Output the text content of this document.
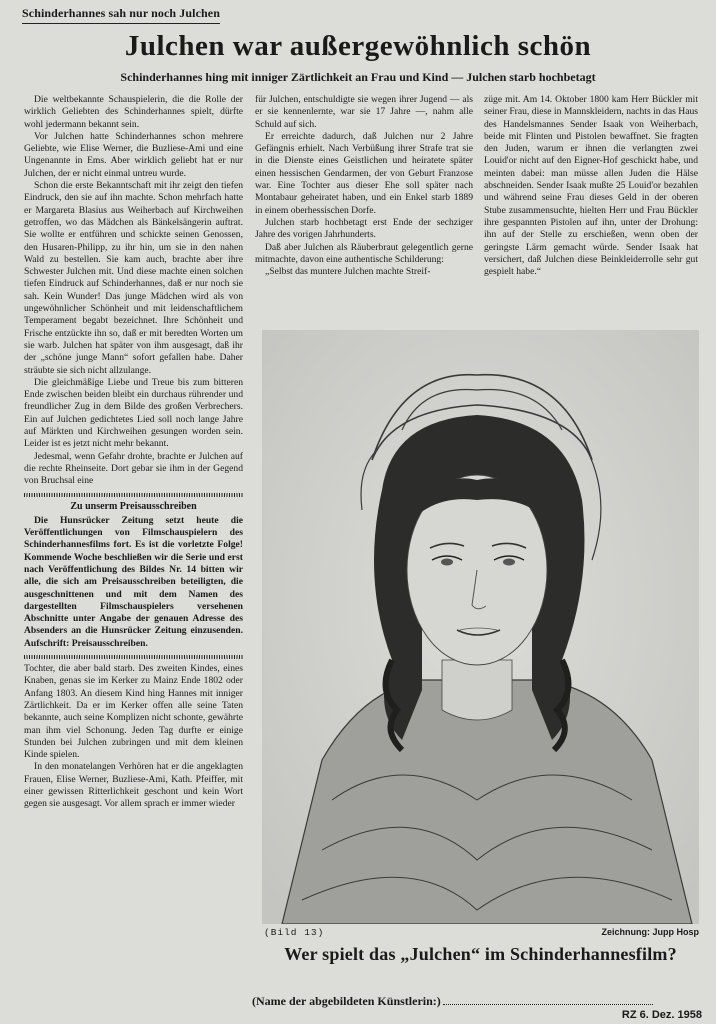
Schinderhannes sah nur noch Julchen
Julchen war außergewöhnlich schön
Schinderhannes hing mit inniger Zärtlichkeit an Frau und Kind — Julchen starb hochbetagt

Die weltbekannte Schauspielerin, die die Rolle der wirklich Geliebten des Schinderhannes spielt, dürfte wohl jedermann bekannt sein.

Vor Julchen hatte Schinderhannes schon mehrere Geliebte, wie Elise Werner, die Buzliese-Ami und eine Ungenannte in Ems. Aber wirklich geliebt hat er nur Julchen, der er nicht einmal untreu wurde.

Schon die erste Bekanntschaft mit ihr zeigt den tiefen Eindruck, den sie auf ihn machte. Schon mehrfach hatte er Margareta Blasius aus Weiherbach auf Kirchweihen getroffen, wo das Mädchen als Bänkelsängerin auftrat. Sie wollte er entführen und schickte seinen Genossen, den Husaren-Philipp, zu ihr hin, um sie in den nahen Wald zu bestellen. Sie kam auch, brachte aber ihre Schwester Julchen mit. Und diese machte einen solchen tiefen Eindruck auf Schinderhannes, daß er nur noch sie sah. Kein Wunder! Das junge Mädchen wird als von ungewöhnlicher Schönheit und mit leidenschaftlichem Temperament begabt bezeichnet. Ihre Schönheit und Frische entzückte ihn so, daß er mit beredten Worten um sie warb. Julchen hat später von ihm ausgesagt, daß ihr der „schöne junge Mann“ sofort gefallen habe. Daher sträubte sie sich nicht allzulange.

Die gleichmäßige Liebe und Treue bis zum bitteren Ende zwischen beiden bleibt ein durchaus rührender und freundlicher Zug in dem Bilde des großen Verbrechers. Ein auf Julchen gedichtetes Lied soll noch lange Jahre auf Märkten und Kirchweihen gesungen worden sein. Leider ist es jetzt nicht mehr bekannt.

Jedesmal, wenn Gefahr drohte, brachte er Julchen auf die rechte Rheinseite. Dort gebar sie ihm in der Gegend von Bruchsal eine

Zu unserm Preisausschreiben
Die Hunsrücker Zeitung setzt heute die Veröffentlichungen von Filmschauspielern des Schinderhannesfilms fort. Es ist die vorletzte Folge! Kommende Woche beschließen wir die Serie und erst nach Veröffentlichung des Bildes Nr. 14 bitten wir alle, die sich am Preisausschreiben beteiligten, die ausgeschnittenen und mit dem Namen des dargestellten Filmschauspielers versehenen Abschnitte unter Angabe der genauen Adresse des Absenders an die Hunsrücker Zeitung einzusenden. Aufschrift: Preisausschreiben.

Tochter, die aber bald starb. Des zweiten Kindes, eines Knaben, genas sie im Kerker zu Mainz Ende 1802 oder Anfang 1803. An diesem Kind hing Hannes mit inniger Zärtlichkeit. Da er im Kerker offen alle seine Taten bekannte, auch seine Komplizen nicht schonte, gewährte man ihm viel Schonung. Jeden Tag durfte er einige Stunden bei Julchen zubringen und mit dem kleinen Kinde spielen.

In den monatelangen Verhören hat er die angeklagten Frauen, Elise Werner, Buzliese-Ami, Kath. Pfeiffer, mit einer gewissen Ritterlichkeit geschont und kein Wort gegen sie ausgesagt. Vor allem sprach er immer wieder

für Julchen, entschuldigte sie wegen ihrer Jugend — als er sie kennenlernte, war sie 17 Jahre —, nahm alle Schuld auf sich.

Er erreichte dadurch, daß Julchen nur 2 Jahre Gefängnis erhielt. Nach Verbüßung ihrer Strafe trat sie in die Dienste eines Geistlichen und heiratete später einen hessischen Gendarmen, der von Geburt Franzose war. Eine Tochter aus dieser Ehe soll später nach Montabaur geheiratet haben, und ein Enkel starb 1889 in einem oberhessischen Dorfe.

Julchen starb hochbetagt erst Ende der sechziger Jahre des vorigen Jahrhunderts.

Daß aber Julchen als Räuberbraut gelegentlich gerne mitmachte, davon eine authentische Schilderung:

„Selbst das muntere Julchen machte Streif-

züge mit. Am 14. Oktober 1800 kam Herr Bückler mit seiner Frau, diese in Mannskleidern, nachts in das Haus des Handelsmannes Sender Isaak von Weiherbach, beide mit Flinten und Pistolen bewaffnet. Sie fragten den Juden, warum er ihnen die verlangten zwei Louid'or nicht auf den Eigner-Hof geschickt habe, und meinten dabei: man müsse allen Juden die Hälse abschneiden. Sender Isaak mußte 25 Louid'or bezahlen und während seine Frau dieses Geld in der oberen Stube zusammensuchte, hielten Herr und Frau Bückler ihre gespannten Pistolen auf ihn, unter der Drohung: ihn auf der Stelle zu erschießen, wenn oben der geringste Lärm gemacht würde. Sender Isaak hat versichert, daß Julchen diese Beinkleiderrolle sehr gut gespielt habe.“

(Bild 13)	Zeichnung: Jupp Hosp
Wer spielt das „Julchen“ im Schinderhannesfilm?
(Name der abgebildeten Künstlerin:)
RZ 6. Dez. 1958
